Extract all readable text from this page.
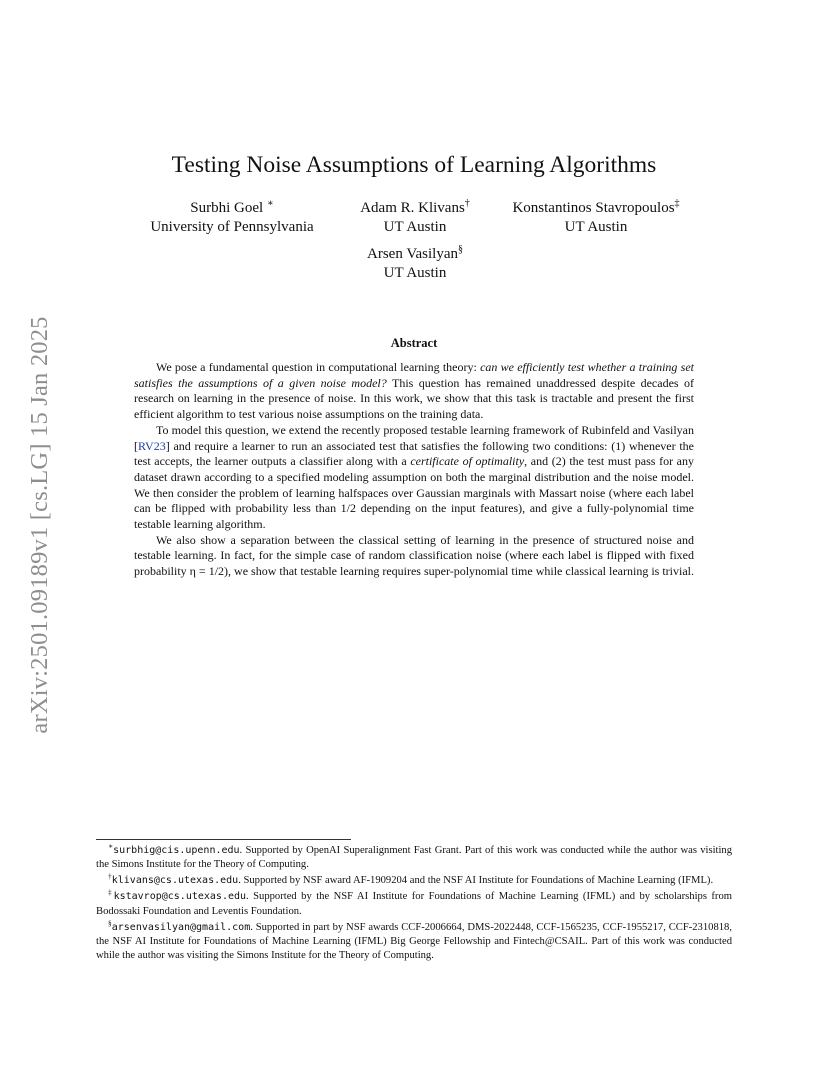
arXiv:2501.09189v1 [cs.LG] 15 Jan 2025
Testing Noise Assumptions of Learning Algorithms
Surbhi Goel ∗
University of Pennsylvania
Adam R. Klivans†
UT Austin
Konstantinos Stavropoulos‡
UT Austin
Arsen Vasilyan§
UT Austin
Abstract

We pose a fundamental question in computational learning theory: can we efficiently test whether a training set satisfies the assumptions of a given noise model? This question has remained unaddressed despite decades of research on learning in the presence of noise. In this work, we show that this task is tractable and present the first efficient algorithm to test various noise assumptions on the training data.

To model this question, we extend the recently proposed testable learning framework of Rubinfeld and Vasilyan [RV23] and require a learner to run an associated test that satisfies the following two conditions: (1) whenever the test accepts, the learner outputs a classifier along with a certificate of optimality, and (2) the test must pass for any dataset drawn according to a specified modeling assumption on both the marginal distribution and the noise model. We then consider the problem of learning halfspaces over Gaussian marginals with Massart noise (where each label can be flipped with probability less than 1/2 depending on the input features), and give a fully-polynomial time testable learning algorithm.

We also show a separation between the classical setting of learning in the presence of structured noise and testable learning. In fact, for the simple case of random classification noise (where each label is flipped with fixed probability η = 1/2), we show that testable learning requires super-polynomial time while classical learning is trivial.

∗surbhig@cis.upenn.edu. Supported by OpenAI Superalignment Fast Grant. Part of this work was conducted while the author was visiting the Simons Institute for the Theory of Computing.

†klivans@cs.utexas.edu. Supported by NSF award AF-1909204 and the NSF AI Institute for Foundations of Machine Learning (IFML).

‡kstavrop@cs.utexas.edu. Supported by the NSF AI Institute for Foundations of Machine Learning (IFML) and by scholarships from Bodossaki Foundation and Leventis Foundation.

§arsenvasilyan@gmail.com. Supported in part by NSF awards CCF-2006664, DMS-2022448, CCF-1565235, CCF-1955217, CCF-2310818, the NSF AI Institute for Foundations of Machine Learning (IFML) Big George Fellowship and Fintech@CSAIL. Part of this work was conducted while the author was visiting the Simons Institute for the Theory of Computing.
